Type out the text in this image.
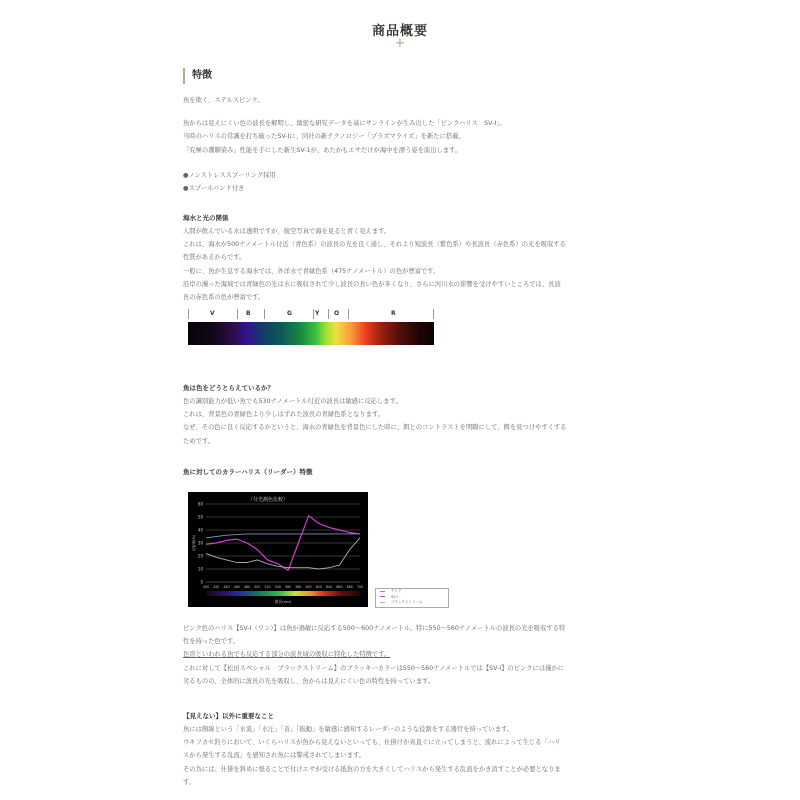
商品概要
+
特徴

魚を欺く、ステルスピンク。

魚からは見えにくい色の波長を解明し、緻密な研究データを基にサンラインが生み出した「ピンクハリス　SV-Ⅰ」。

当時のハリスの常識を打ち破ったSV-Ⅰに、同社の新テクノロジー「プラズマライズ」を新たに搭載。

「究極の潮馴染み」性能を手にした新生SV-1が、あたかもエサだけが海中を漂う姿を演出します。

●ノンストレススプーリング採用

●スプールバンド付き

海水と光の関係

人間が飲んでいる水は透明ですが、航空写真で海を見ると青く見えます。

これは、海水が500ナノメートル付近（青色系）の波長の光を良く通し、それより短波長（紫色系）や長波長（赤色系）の光を吸収する

性質があるからです。

一般に、魚が生息する海水では、外洋水で青緑色系（475ナノメートル）の色が豊富です。

沿岸の濁った海域では青緑色の光は水に吸収されて少し波長の長い色が多くなり、さらに河川水の影響を受けやすいところでは、長波

長の赤色系の色が豊富です。

V	B	G	Y O	R
魚は色をどうとらえているか？

色の識別能力が低い魚でも530ナノメートル付近の波長は敏感に反応します。

これは、背景色の青緑色より少しはずれた波長の青緑色系となります。

なぜ、その色に良く反応するかというと、海水の青緑色を背景色にした時に、餌とのコントラストを明瞭にして、餌を見つけやすくする

ためです。

魚に対してのカラーハリス（リーダー）特徴
0
10
20
30
40
50
60
400 420 440 460 480 500 520 540 560 580 600 620 640 660 680 700
（分光測色比較）
反射率(%)
波長(nm)
クリア
SV-Ⅰ
ブラックストリーム

ピンク色のハリス【SV-Ⅰ（ワン）】は魚が過敏に反応する500～600ナノメートル。特に550～560ナノメートルの波長の光を吸収する特

性を持った色です。

色盲といわれる魚でも反応する部分の波長域の吸収に特化した特徴です。

これに対して【松田スペシャル　ブラックストリーム】のブラッキーカラーは550～560ナノメートルでは【SV-Ⅰ】のピンクには僅かに

劣るものの、全体的に波長の光を吸収し、魚からは見えにくい色の特性を持っています。

【見えない】以外に重要なこと

魚には側線という「水流」「水圧」「音」「振動」を敏感に感知するレーダーのような役割をする器官を持っています。

ウキフカセ釣りにおいて、いくらハリスが魚から見えないといっても、仕掛けが真直ぐに立ってしまうと、流れによって生じる「ハリ

スから発生する乱流」を感知され魚には警戒されてしまいます。

その為には、仕掛を斜めに張ることで付けエサが受ける抵抗の方を大きくしてハリスから発生する乱流をかき消すことが必要となりま

す。
